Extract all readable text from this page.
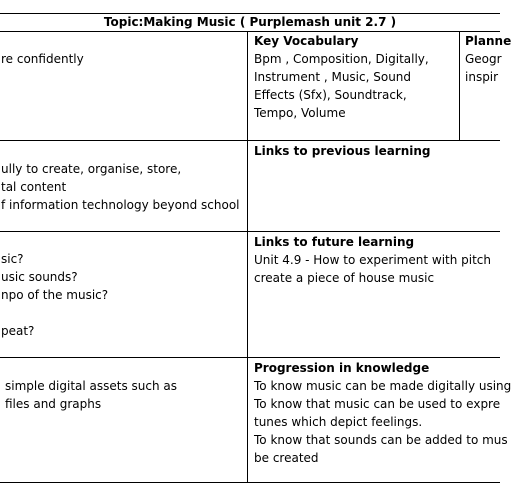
Topic:Making Music ( Purplemash unit 2.7 )
re confidently
Key Vocabulary
Bpm , Composition, Digitally,
Instrument , Music, Sound
Effects (Sfx), Soundtrack,
Tempo, Volume
Planne
Geogr
inspir
ully to create, organise, store,
tal content
f information technology beyond school
Links to previous learning
sic?
usic sounds?
npo of the music?
peat?
Links to future learning
Unit 4.9 - How to experiment with pitch
create a piece of house music
simple digital assets such as
files and graphs
Progression in knowledge
To know music can be made digitally using
To know that music can be used to expre
tunes which depict feelings.
To know that sounds can be added to mus
be created
